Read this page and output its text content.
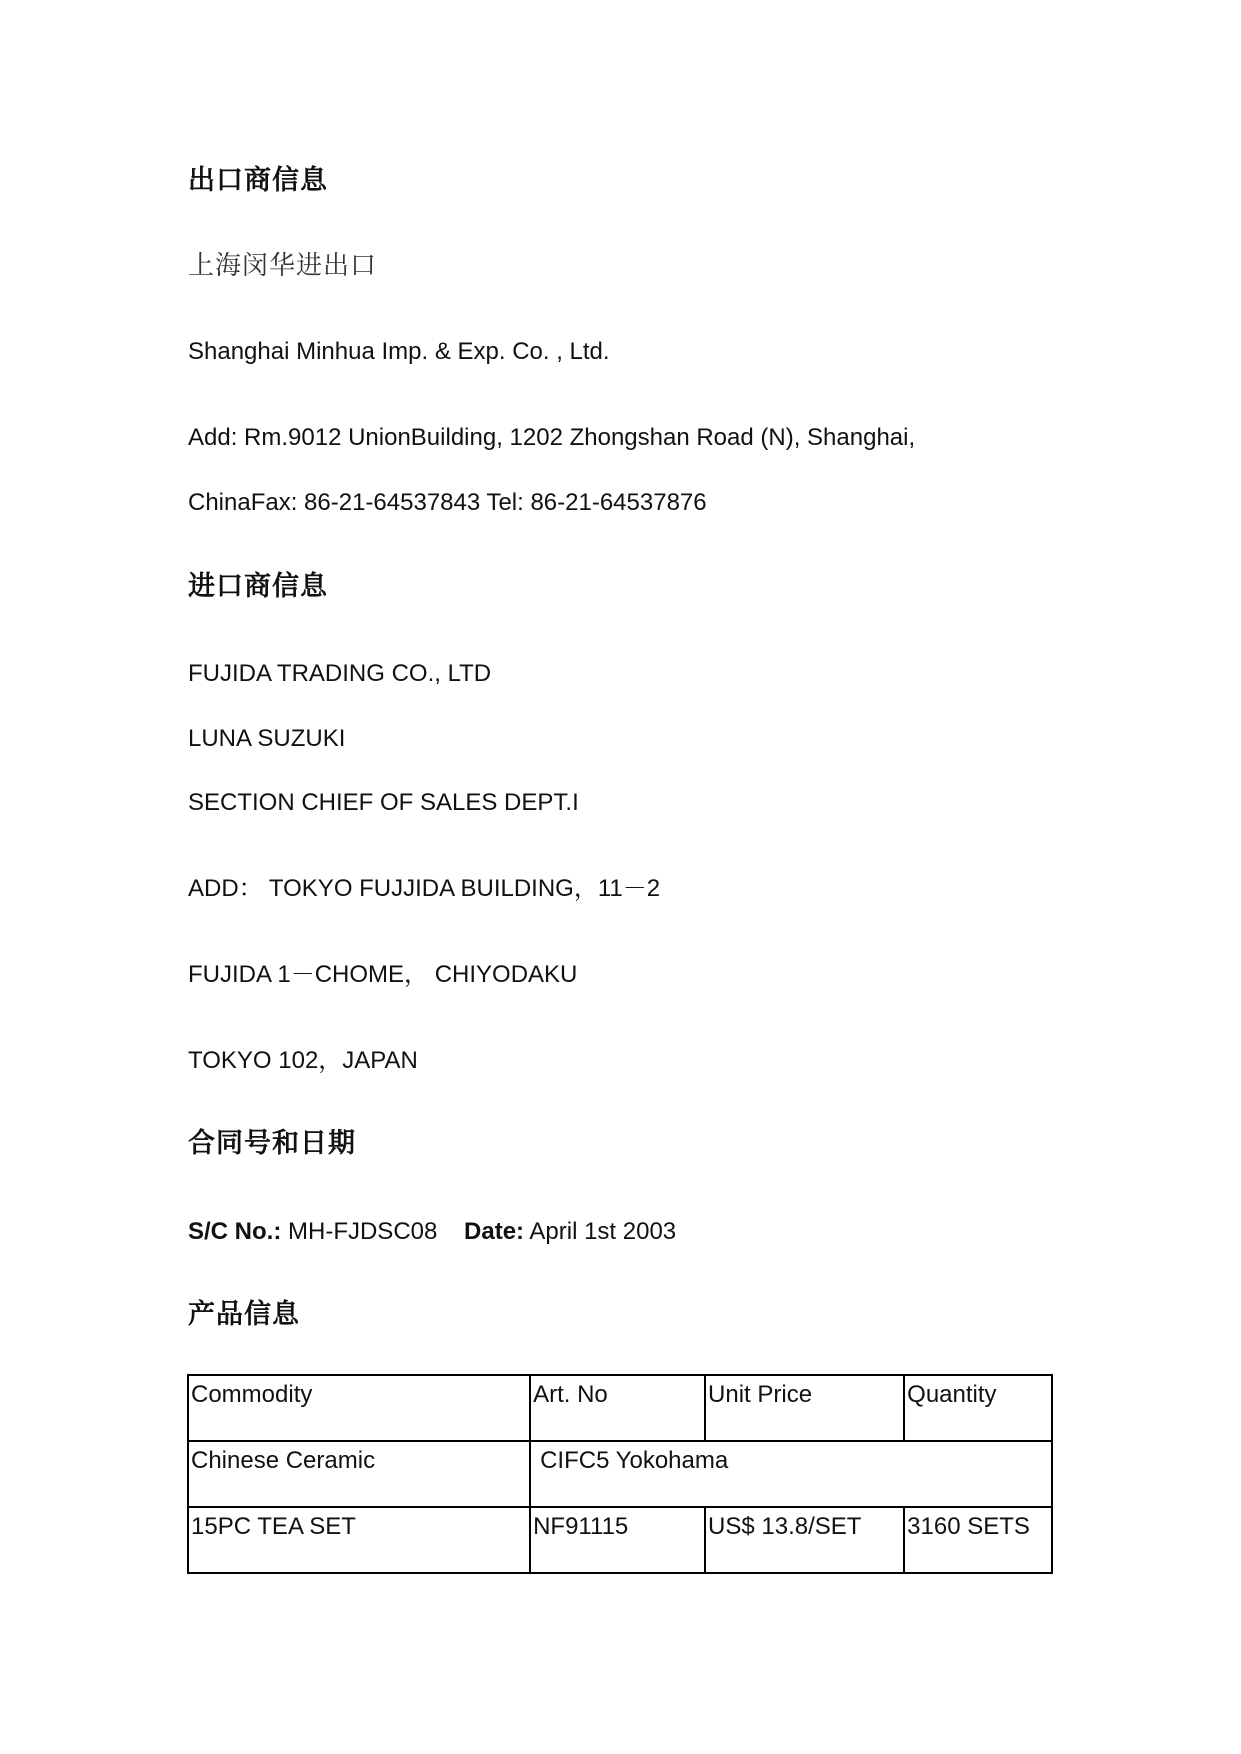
出口商信息
上海闵华进出口
Shanghai Minhua Imp. & Exp. Co. , Ltd.
Add: Rm.9012 UnionBuilding, 1202 Zhongshan Road (N), Shanghai,
ChinaFax: 86-21-64537843 Tel: 86-21-64537876
进口商信息
FUJIDA TRADING CO., LTD
LUNA SUZUKI
SECTION CHIEF OF SALES DEPT.I
ADD： TOKYO FUJJIDA BUILDING，11－2
FUJIDA 1－CHOME， CHIYODAKU
TOKYO 102，JAPAN
合同号和日期
S/C No.: MH-FJDSC08 Date: April 1st 2003
产品信息
Commodity	Art. No	Unit Price	Quantity
Chinese Ceramic	CIFC5 Yokohama		
15PC TEA SET	NF91115	US$ 13.8/SET	3160 SETS
